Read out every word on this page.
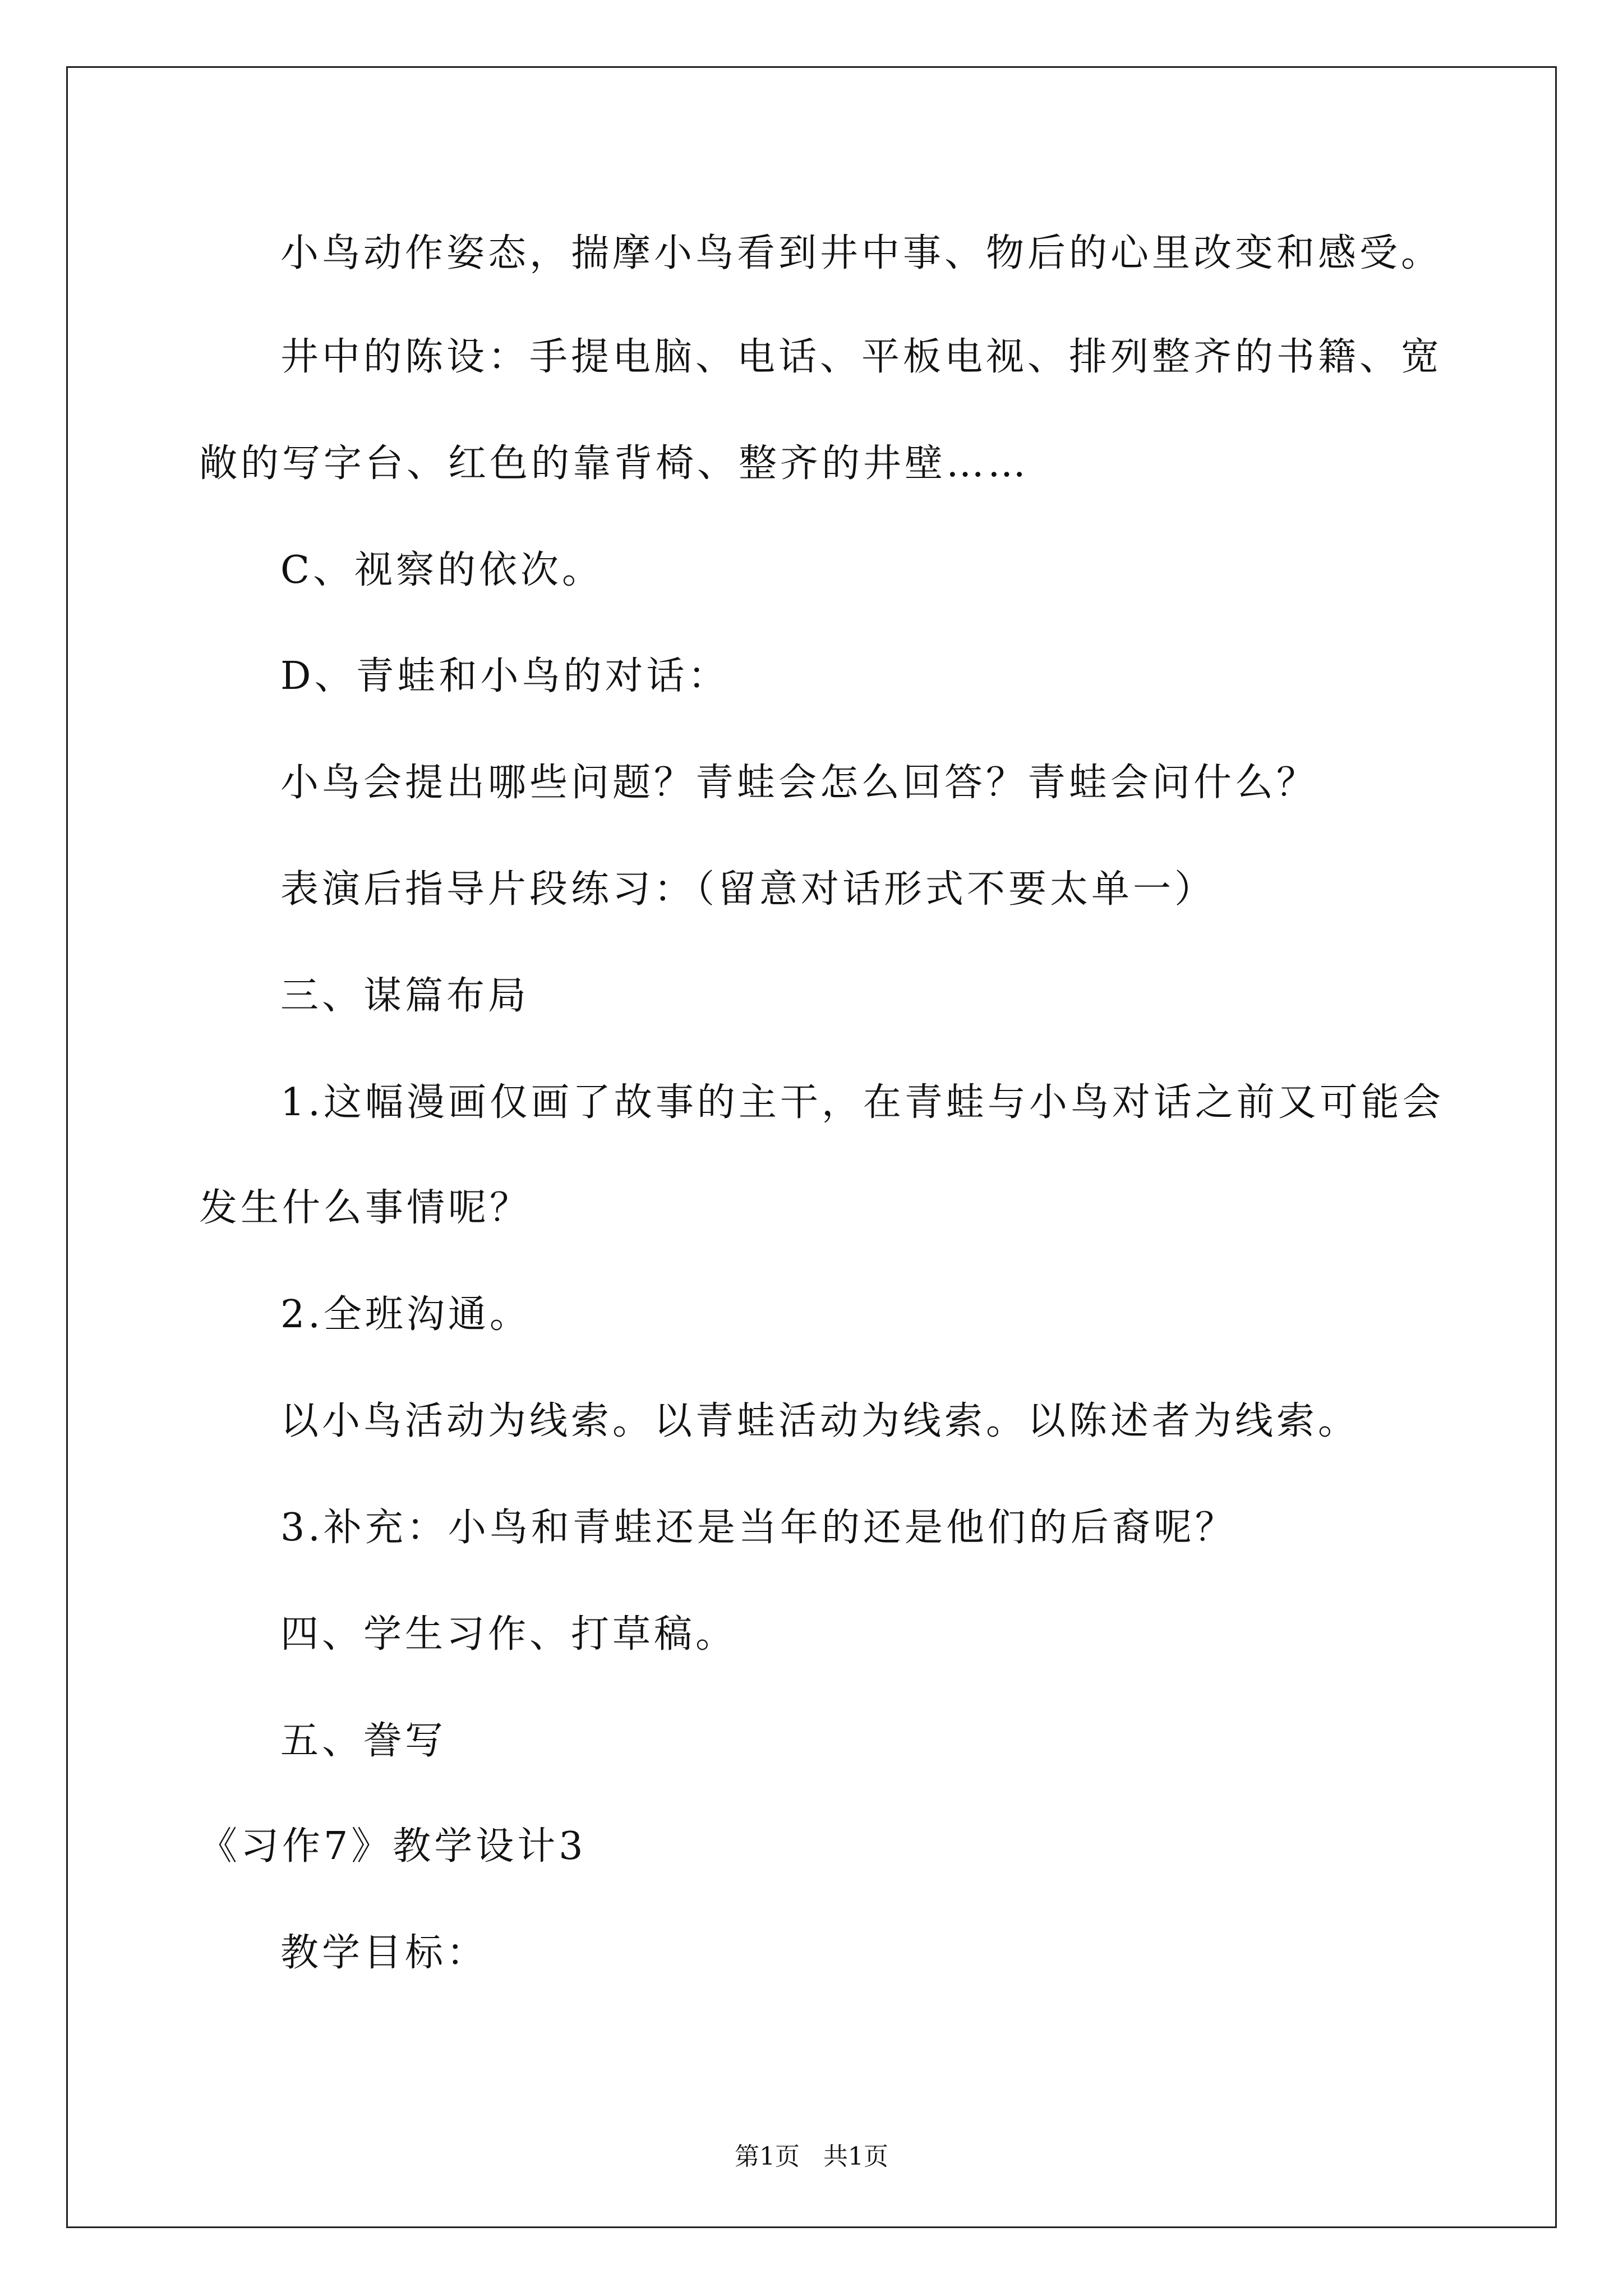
小鸟动作姿态，揣摩小鸟看到井中事、物后的心里改变和感受。
井中的陈设：手提电脑、电话、平板电视、排列整齐的书籍、宽
敞的写字台、红色的靠背椅、整齐的井壁……
C、视察的依次。
D、青蛙和小鸟的对话：
小鸟会提出哪些问题？青蛙会怎么回答？青蛙会问什么？
表演后指导片段练习：（留意对话形式不要太单一）
三、谋篇布局
1.这幅漫画仅画了故事的主干，在青蛙与小鸟对话之前又可能会
发生什么事情呢？
2.全班沟通。
以小鸟活动为线索。以青蛙活动为线索。以陈述者为线索。
3.补充：小鸟和青蛙还是当年的还是他们的后裔呢？
四、学生习作、打草稿。
五、誊写
《习作7》教学设计3
教学目标：
第1页   共1页
